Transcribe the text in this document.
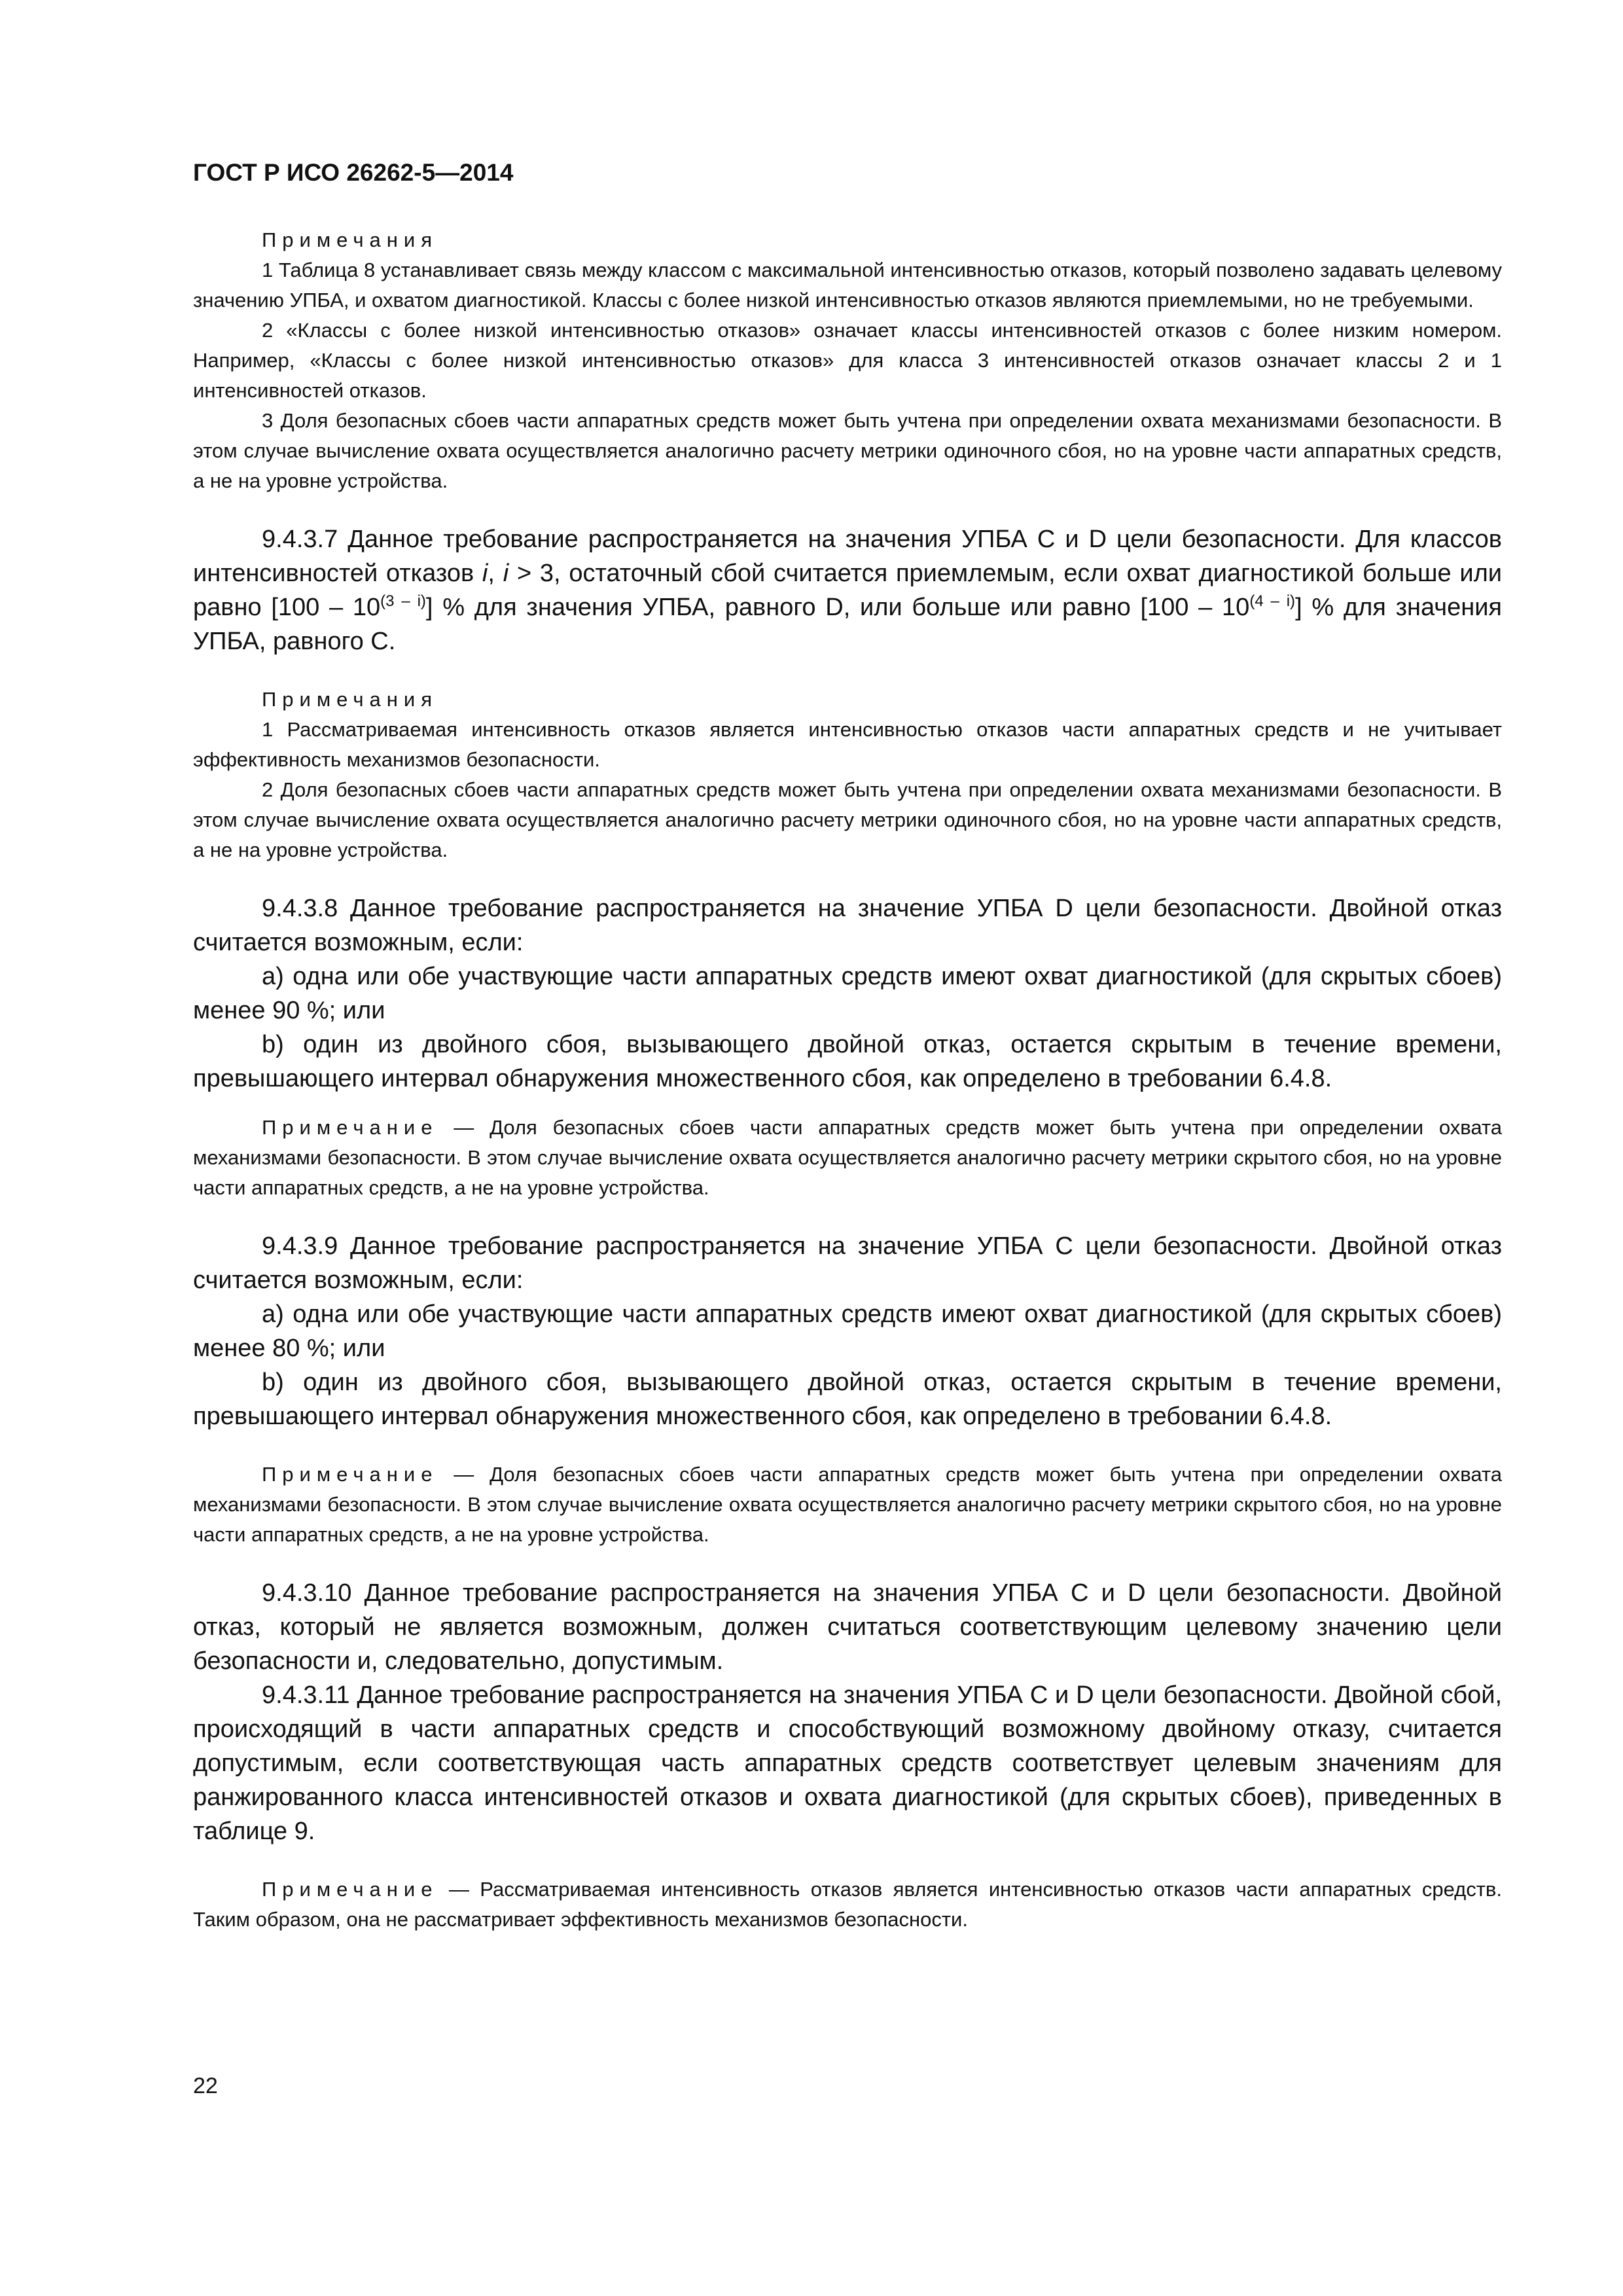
ГОСТ Р ИСО 26262-5—2014
Примечания

1 Таблица 8 устанавливает связь между классом с максимальной интенсивностью отказов, который позволено задавать целевому значению УПБА, и охватом диагностикой. Классы с более низкой интенсивностью отказов являются приемлемыми, но не требуемыми.

2 «Классы с более низкой интенсивностью отказов» означает классы интенсивностей отказов с более низким номером. Например, «Классы с более низкой интенсивностью отказов» для класса 3 интенсивностей отказов означает классы 2 и 1 интенсивностей отказов.

3 Доля безопасных сбоев части аппаратных средств может быть учтена при определении охвата механизмами безопасности. В этом случае вычисление охвата осуществляется аналогично расчету метрики одиночного сбоя, но на уровне части аппаратных средств, а не на уровне устройства.

9.4.3.7 Данное требование распространяется на значения УПБА C и D цели безопасности. Для классов интенсивностей отказов i, i > 3, остаточный сбой считается приемлемым, если охват диагностикой больше или равно [100 – 10$^{(3 - i)}$] % для значения УПБА, равного D, или больше или равно [100 – 10$^{(4 - i)}$] % для значения УПБА, равного C.

Примечания

1 Рассматриваемая интенсивность отказов является интенсивностью отказов части аппаратных средств и не учитывает эффективность механизмов безопасности.

2 Доля безопасных сбоев части аппаратных средств может быть учтена при определении охвата механизмами безопасности. В этом случае вычисление охвата осуществляется аналогично расчету метрики одиночного сбоя, но на уровне части аппаратных средств, а не на уровне устройства.

9.4.3.8 Данное требование распространяется на значение УПБА D цели безопасности. Двойной отказ считается возможным, если:

a) одна или обе участвующие части аппаратных средств имеют охват диагностикой (для скрытых сбоев) менее 90 %; или

b) один из двойного сбоя, вызывающего двойной отказ, остается скрытым в течение времени, превышающего интервал обнаружения множественного сбоя, как определено в требовании 6.4.8.

Примечание — Доля безопасных сбоев части аппаратных средств может быть учтена при определении охвата механизмами безопасности. В этом случае вычисление охвата осуществляется аналогично расчету метрики скрытого сбоя, но на уровне части аппаратных средств, а не на уровне устройства.

9.4.3.9 Данное требование распространяется на значение УПБА C цели безопасности. Двойной отказ считается возможным, если:

a) одна или обе участвующие части аппаратных средств имеют охват диагностикой (для скрытых сбоев) менее 80 %; или

b) один из двойного сбоя, вызывающего двойной отказ, остается скрытым в течение времени, превышающего интервал обнаружения множественного сбоя, как определено в требовании 6.4.8.

Примечание — Доля безопасных сбоев части аппаратных средств может быть учтена при определении охвата механизмами безопасности. В этом случае вычисление охвата осуществляется аналогично расчету метрики скрытого сбоя, но на уровне части аппаратных средств, а не на уровне устройства.

9.4.3.10 Данное требование распространяется на значения УПБА C и D цели безопасности. Двойной отказ, который не является возможным, должен считаться соответствующим целевому значению цели безопасности и, следовательно, допустимым.

9.4.3.11 Данное требование распространяется на значения УПБА C и D цели безопасности. Двойной сбой, происходящий в части аппаратных средств и способствующий возможному двойному отказу, считается допустимым, если соответствующая часть аппаратных средств соответствует целевым значениям для ранжированного класса интенсивностей отказов и охвата диагностикой (для скрытых сбоев), приведенных в таблице 9.

Примечание — Рассматриваемая интенсивность отказов является интенсивностью отказов части аппаратных средств. Таким образом, она не рассматривает эффективность механизмов безопасности.

22
